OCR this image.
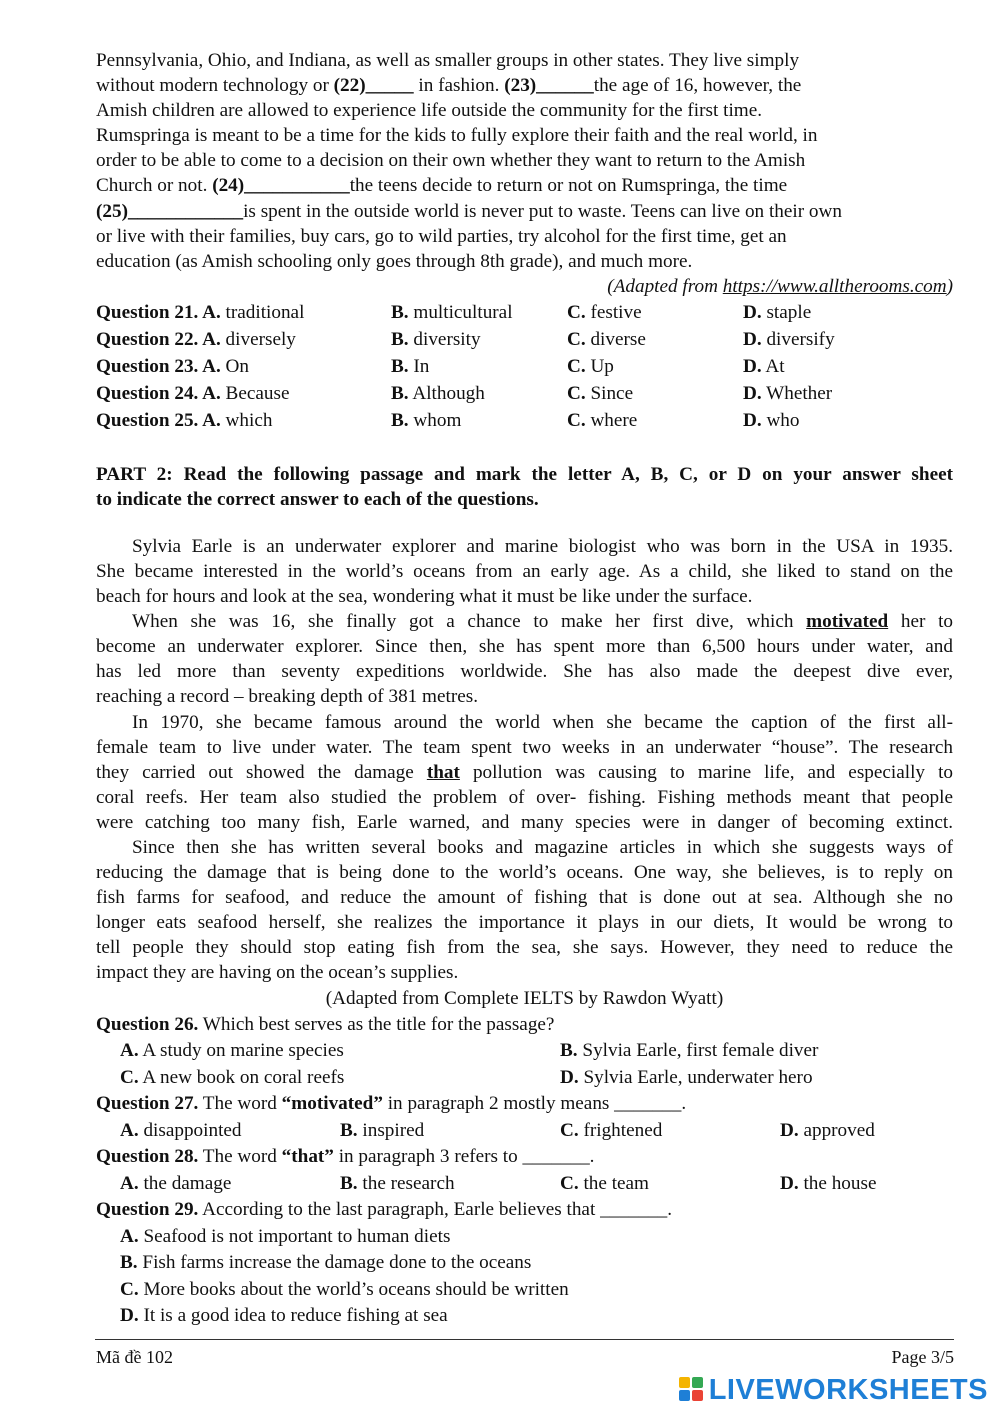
Pennsylvania, Ohio, and Indiana, as well as smaller groups in other states. They live simply
without modern technology or (22)_____ in fashion. (23)______the age of 16, however, the
Amish children are allowed to experience life outside the community for the first time.
Rumspringa is meant to be a time for the kids to fully explore their faith and the real world, in
order to be able to come to a decision on their own whether they want to return to the Amish
Church or not. (24)___________the teens decide to return or not on Rumspringa, the time
(25)____________is spent in the outside world is never put to waste. Teens can live on their own
or live with their families, buy cars, go to wild parties, try alcohol for the first time, get an
education (as Amish schooling only goes through 8th grade), and much more.
(Adapted from https://www.alltherooms.com)
Question 21. A. traditional	B. multicultural	C. festive	D. staple
Question 22. A. diversely	B. diversity	C. diverse	D. diversify
Question 23. A. On	B. In	C. Up	D. At
Question 24. A. Because	B. Although	C. Since	D. Whether
Question 25. A. which	B. whom	C. where	D. who
PART 2: Read the following passage and mark the letter A, B, C, or D on your answer sheet
to indicate the correct answer to each of the questions.
Sylvia Earle is an underwater explorer and marine biologist who was born in the USA in 1935.
She became interested in the world’s oceans from an early age. As a child, she liked to stand on the
beach for hours and look at the sea, wondering what it must be like under the surface.
When she was 16, she finally got a chance to make her first dive, which motivated her to
become an underwater explorer. Since then, she has spent more than 6,500 hours under water, and
has led more than seventy expeditions worldwide. She has also made the deepest dive ever,
reaching a record – breaking depth of 381 metres.
In 1970, she became famous around the world when she became the caption of the first all-
female team to live under water. The team spent two weeks in an underwater “house”. The research
they carried out showed the damage that pollution was causing to marine life, and especially to
coral reefs. Her team also studied the problem of over- fishing. Fishing methods meant that people
were catching too many fish, Earle warned, and many species were in danger of becoming extinct.
Since then she has written several books and magazine articles in which she suggests ways of
reducing the damage that is being done to the world’s oceans. One way, she believes, is to reply on
fish farms for seafood, and reduce the amount of fishing that is done out at sea. Although she no
longer eats seafood herself, she realizes the importance it plays in our diets, It would be wrong to
tell people they should stop eating fish from the sea, she says. However, they need to reduce the
impact they are having on the ocean’s supplies.
(Adapted from Complete IELTS by Rawdon Wyatt)
Question 26. Which best serves as the title for the passage?
A. A study on marine species	B. Sylvia Earle, first female diver
C. A new book on coral reefs	D. Sylvia Earle, underwater hero
Question 27. The word “motivated” in paragraph 2 mostly means _______.
A. disappointed	B. inspired	C. frightened	D. approved
Question 28. The word “that” in paragraph 3 refers to _______.
A. the damage	B. the research	C. the team	D. the house
Question 29. According to the last paragraph, Earle believes that _______.
A. Seafood is not important to human diets
B. Fish farms increase the damage done to the oceans
C. More books about the world’s oceans should be written
D. It is a good idea to reduce fishing at sea
Mã đề 102	Page 3/5
LIVEWORKSHEETS
